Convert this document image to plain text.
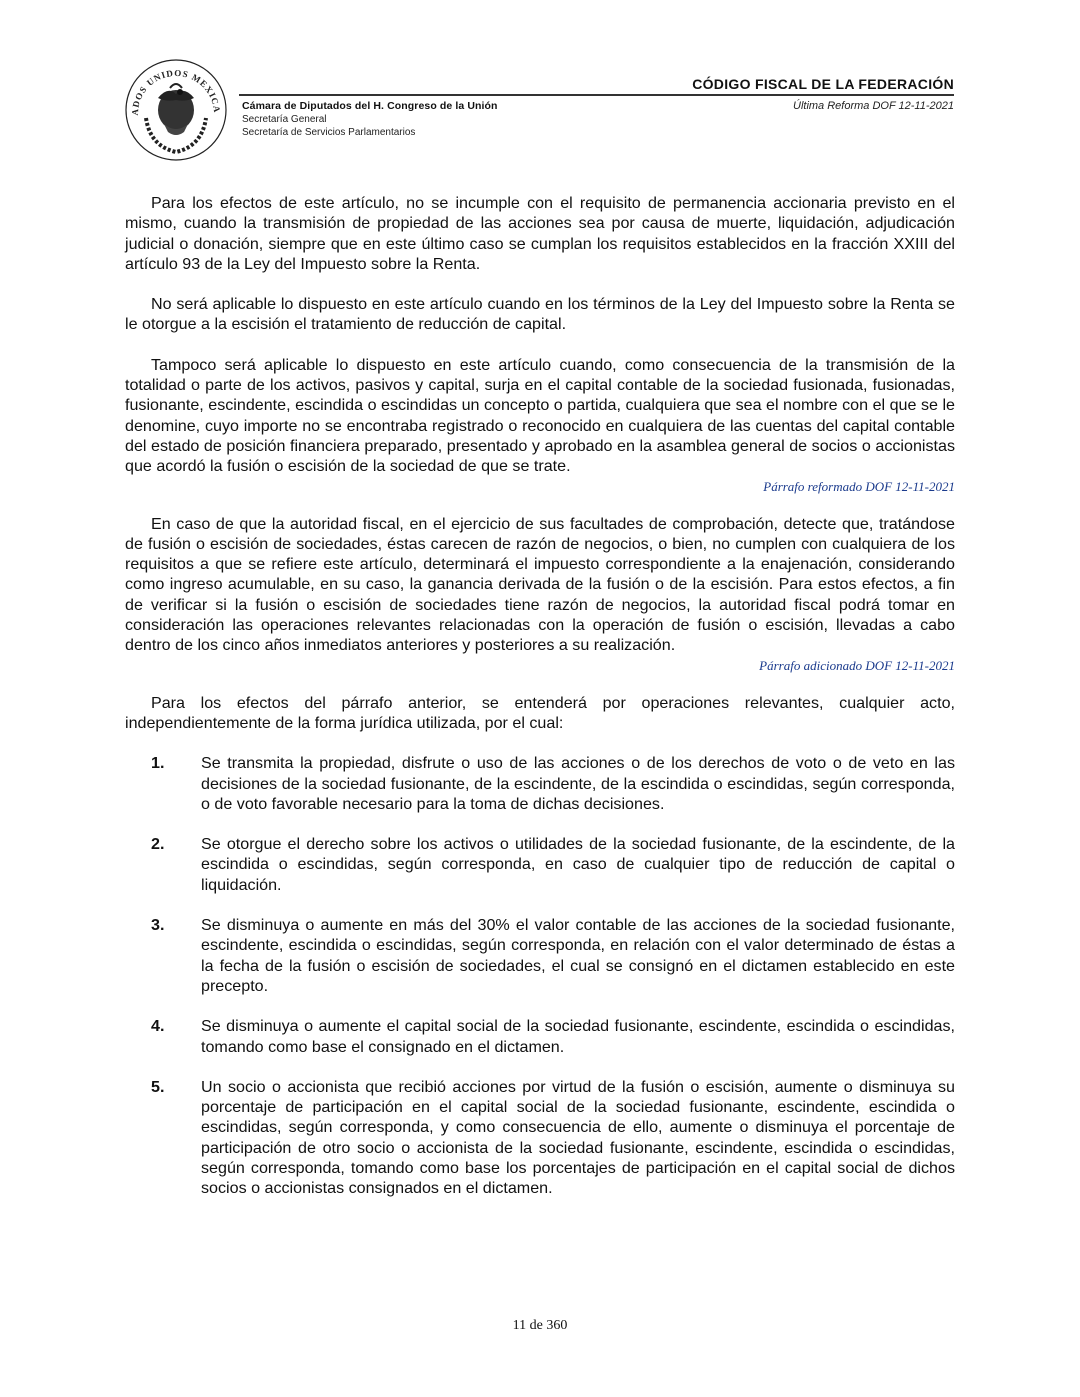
ADOS UNIDOS MEXICA Cámara de Diputados del H. Congreso de la Unión
Secretaría General
Secretaría de Servicios Parlamentarios
CÓDIGO FISCAL DE LA FEDERACIÓN
Última Reforma DOF 12-11-2021

Para los efectos de este artículo, no se incumple con el requisito de permanencia accionaria previsto en el mismo, cuando la transmisión de propiedad de las acciones sea por causa de muerte, liquidación, adjudicación judicial o donación, siempre que en este último caso se cumplan los requisitos establecidos en la fracción XXIII del artículo 93 de la Ley del Impuesto sobre la Renta.

No será aplicable lo dispuesto en este artículo cuando en los términos de la Ley del Impuesto sobre la Renta se le otorgue a la escisión el tratamiento de reducción de capital.

Tampoco será aplicable lo dispuesto en este artículo cuando, como consecuencia de la transmisión de la totalidad o parte de los activos, pasivos y capital, surja en el capital contable de la sociedad fusionada, fusionadas, fusionante, escindente, escindida o escindidas un concepto o partida, cualquiera que sea el nombre con el que se le denomine, cuyo importe no se encontraba registrado o reconocido en cualquiera de las cuentas del capital contable del estado de posición financiera preparado, presentado y aprobado en la asamblea general de socios o accionistas que acordó la fusión o escisión de la sociedad de que se trate.

Párrafo reformado DOF 12-11-2021

En caso de que la autoridad fiscal, en el ejercicio de sus facultades de comprobación, detecte que, tratándose de fusión o escisión de sociedades, éstas carecen de razón de negocios, o bien, no cumplen con cualquiera de los requisitos a que se refiere este artículo, determinará el impuesto correspondiente a la enajenación, considerando como ingreso acumulable, en su caso, la ganancia derivada de la fusión o de la escisión. Para estos efectos, a fin de verificar si la fusión o escisión de sociedades tiene razón de negocios, la autoridad fiscal podrá tomar en consideración las operaciones relevantes relacionadas con la operación de fusión o escisión, llevadas a cabo dentro de los cinco años inmediatos anteriores y posteriores a su realización.

Párrafo adicionado DOF 12-11-2021

Para los efectos del párrafo anterior, se entenderá por operaciones relevantes, cualquier acto, independientemente de la forma jurídica utilizada, por el cual:

1.	Se transmita la propiedad, disfrute o uso de las acciones o de los derechos de voto o de veto en las decisiones de la sociedad fusionante, de la escindente, de la escindida o escindidas, según corresponda, o de voto favorable necesario para la toma de dichas decisiones.
2.	Se otorgue el derecho sobre los activos o utilidades de la sociedad fusionante, de la escindente, de la escindida o escindidas, según corresponda, en caso de cualquier tipo de reducción de capital o liquidación.
3.	Se disminuya o aumente en más del 30% el valor contable de las acciones de la sociedad fusionante, escindente, escindida o escindidas, según corresponda, en relación con el valor determinado de éstas a la fecha de la fusión o escisión de sociedades, el cual se consignó en el dictamen establecido en este precepto.
4.	Se disminuya o aumente el capital social de la sociedad fusionante, escindente, escindida o escindidas, tomando como base el consignado en el dictamen.
5.	Un socio o accionista que recibió acciones por virtud de la fusión o escisión, aumente o disminuya su porcentaje de participación en el capital social de la sociedad fusionante, escindente, escindida o escindidas, según corresponda, y como consecuencia de ello, aumente o disminuya el porcentaje de participación de otro socio o accionista de la sociedad fusionante, escindente, escindida o escindidas, según corresponda, tomando como base los porcentajes de participación en el capital social de dichos socios o accionistas consignados en el dictamen.
11 de 360
